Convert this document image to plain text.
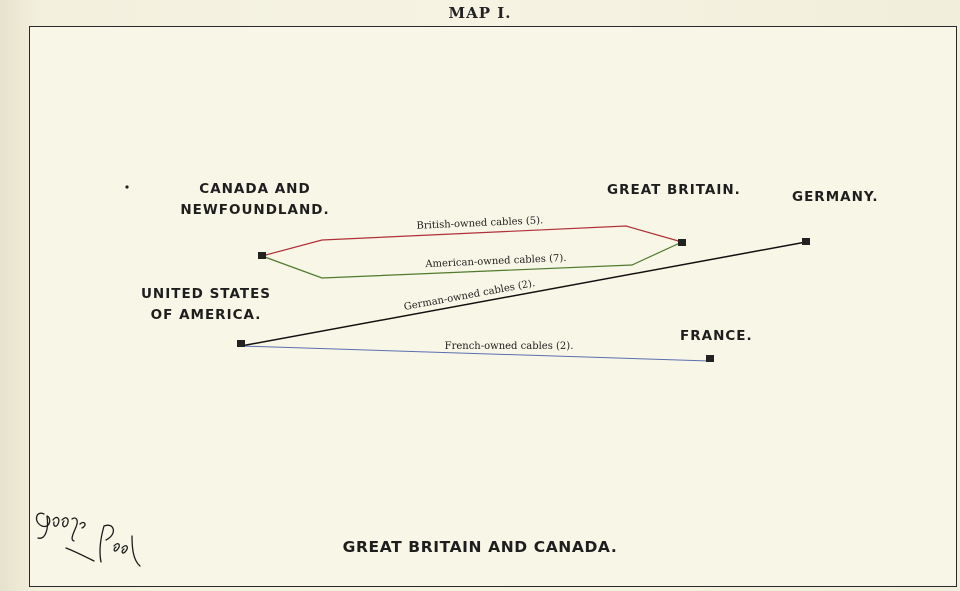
MAP I.
British-owned cables (5).
American-owned cables (7).
German-owned cables (2).
French-owned cables (2).
CANADA AND
NEWFOUNDLAND.
UNITED STATES
OF AMERICA.
GREAT BRITAIN.	GERMANY.
FRANCE.
GREAT BRITAIN AND CANADA.
